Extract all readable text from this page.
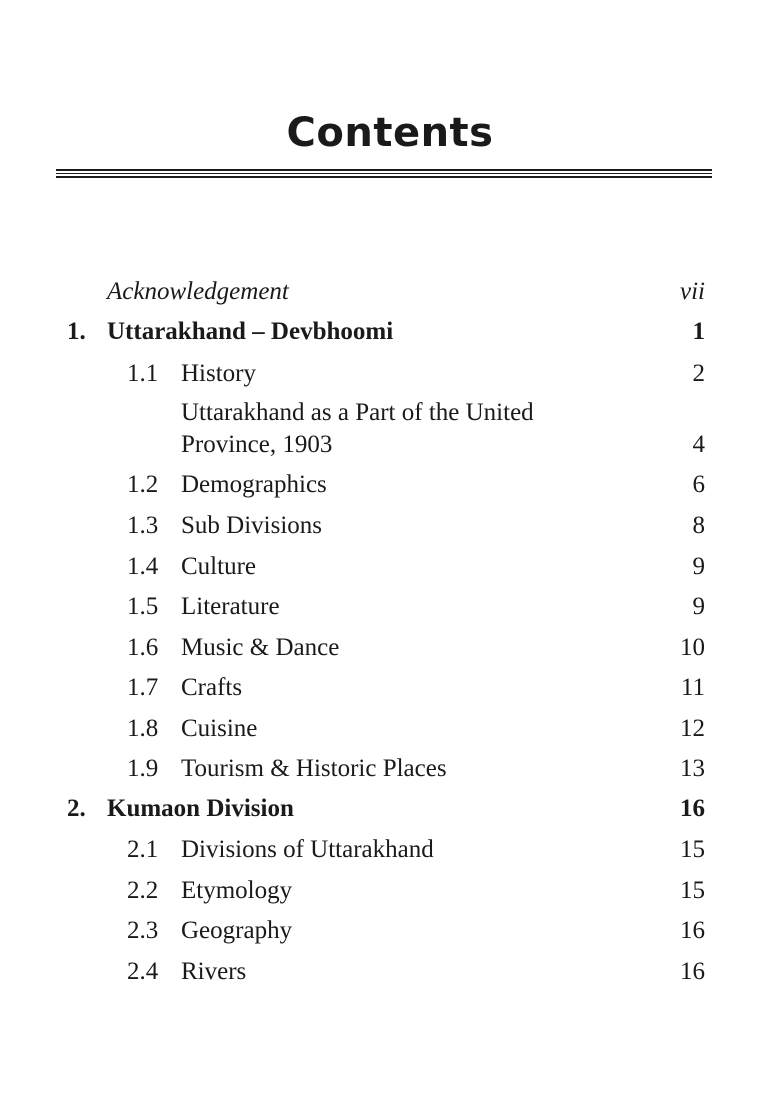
Contents
Acknowledgement	vii
1. Uttarakhand – Devbhoomi	1
1.1 History	2
Uttarakhand as a Part of the United
Province, 1903	4
1.2 Demographics	6
1.3 Sub Divisions	8
1.4 Culture	9
1.5 Literature	9
1.6 Music & Dance	10
1.7 Crafts	11
1.8 Cuisine	12
1.9 Tourism & Historic Places	13
2. Kumaon Division	16
2.1 Divisions of Uttarakhand	15
2.2 Etymology	15
2.3 Geography	16
2.4 Rivers	16
